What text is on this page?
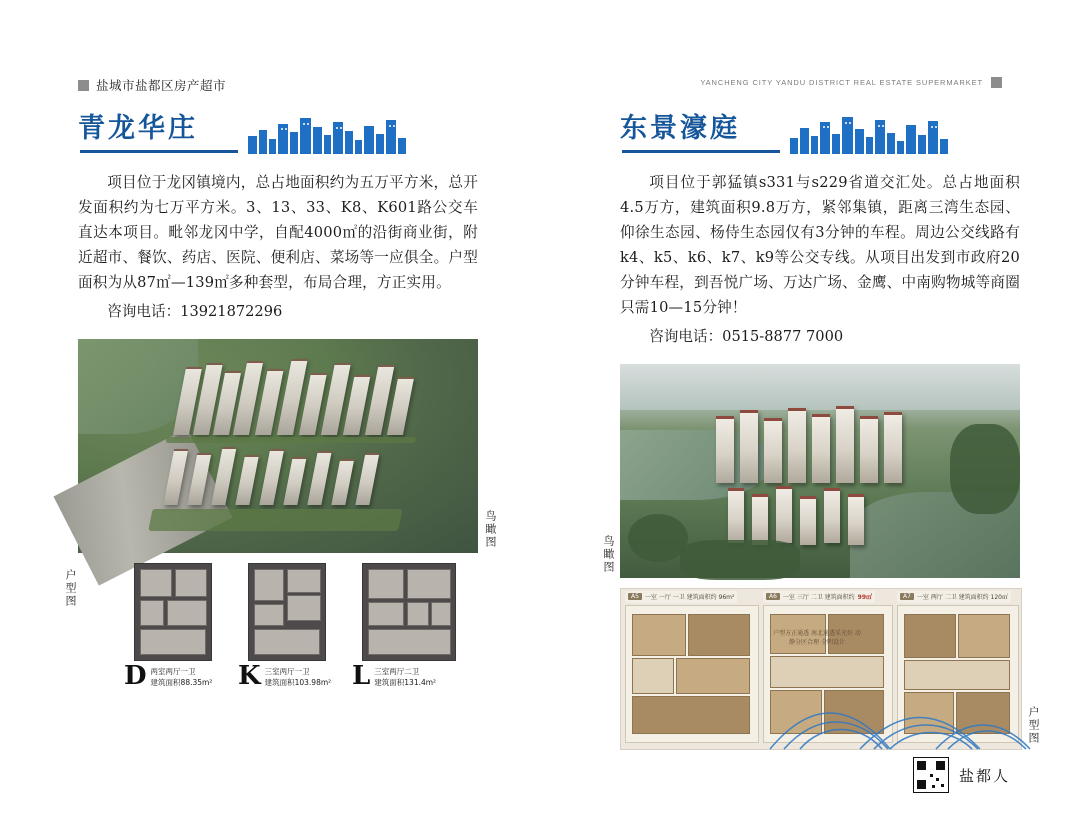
盐城市盐都区房产超市	YANCHENG CITY YANDU DISTRICT REAL ESTATE SUPERMARKET
青龙华庄

项目位于龙冈镇境内，总占地面积约为五万平方米，总开发面积约为七万平方米。3、13、33、K8、K601路公交车直达本项目。毗邻龙冈中学，自配4000㎡的沿街商业街，附近超市、餐饮、药店、医院、便利店、菜场等一应俱全。户型面积为从87㎡—139㎡多种套型，布局合理，方正实用。

咨询电话：13921872296

鸟瞰图
D 两室两厅一卫
建筑面积88.35m² K 三室两厅一卫
建筑面积103.98m² L 三室两厅二卫
建筑面积131.4m²
户型图
东景濠庭

项目位于郭猛镇s331与s229省道交汇处。总占地面积4.5万方，建筑面积9.8万方，紧邻集镇，距离三湾生态园、仰徐生态园、杨侍生态园仅有3分钟的车程。周边公交线路有k4、k5、k6、k7、k9等公交专线。从项目出发到市政府20分钟车程，到吾悦广场、万达广场、金鹰、中南购物城等商圈只需10—15分钟！

咨询电话：0515-8877 7000

鸟瞰图
A5	一室 一厅 一卫 建筑面积约 96m²	A6	一室 三厅 二卫 建筑面积约 99㎡	A7	一室 两厅 二卫 建筑面积约 120㎡
户型方正通透 南北通透采光好 动静分区合理 全明设计
户型图
盐都人
